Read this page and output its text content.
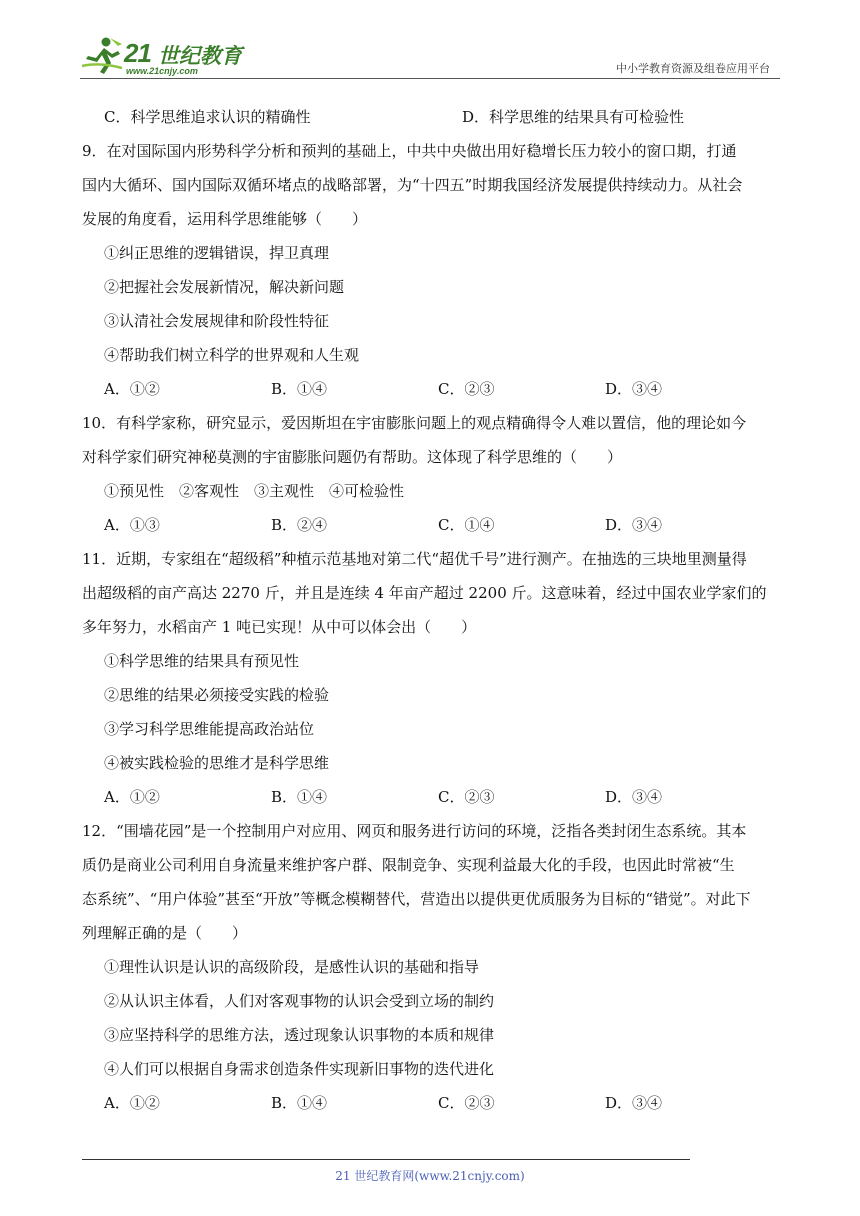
21 世纪教育
www.21cnjy.com	中小学教育资源及组卷应用平台
C．科学思维追求认识的精确性	D．科学思维的结果具有可检验性
9．在对国际国内形势科学分析和预判的基础上，中共中央做出用好稳增长压力较小的窗口期，打通
国内大循环、国内国际双循环堵点的战略部署，为“十四五”时期我国经济发展提供持续动力。从社会
发展的角度看，运用科学思维能够（　　）
①纠正思维的逻辑错误，捍卫真理
②把握社会发展新情况，解决新问题
③认清社会发展规律和阶段性特征
④帮助我们树立科学的世界观和人生观
A．①②	B．①④	C．②③	D．③④
10．有科学家称，研究显示，爱因斯坦在宇宙膨胀问题上的观点精确得令人难以置信，他的理论如今
对科学家们研究神秘莫测的宇宙膨胀问题仍有帮助。这体现了科学思维的（　　）
①预见性　②客观性　③主观性　④可检验性
A．①③	B．②④	C．①④	D．③④
11．近期，专家组在“超级稻”种植示范基地对第二代“超优千号”进行测产。在抽选的三块地里测量得
出超级稻的亩产高达 2270 斤，并且是连续 4 年亩产超过 2200 斤。这意味着，经过中国农业学家们的
多年努力，水稻亩产 1 吨已实现！从中可以体会出（　　）
①科学思维的结果具有预见性
②思维的结果必须接受实践的检验
③学习科学思维能提高政治站位
④被实践检验的思维才是科学思维
A．①②	B．①④	C．②③	D．③④
12．“围墙花园”是一个控制用户对应用、网页和服务进行访问的环境，泛指各类封闭生态系统。其本
质仍是商业公司利用自身流量来维护客户群、限制竞争、实现利益最大化的手段，也因此时常被“生
态系统”、“用户体验”甚至“开放”等概念模糊替代，营造出以提供更优质服务为目标的“错觉”。对此下
列理解正确的是（　　）
①理性认识是认识的高级阶段，是感性认识的基础和指导
②从认识主体看，人们对客观事物的认识会受到立场的制约
③应坚持科学的思维方法，透过现象认识事物的本质和规律
④人们可以根据自身需求创造条件实现新旧事物的迭代进化
A．①②	B．①④	C．②③	D．③④
21 世纪教育网(www.21cnjy.com)
